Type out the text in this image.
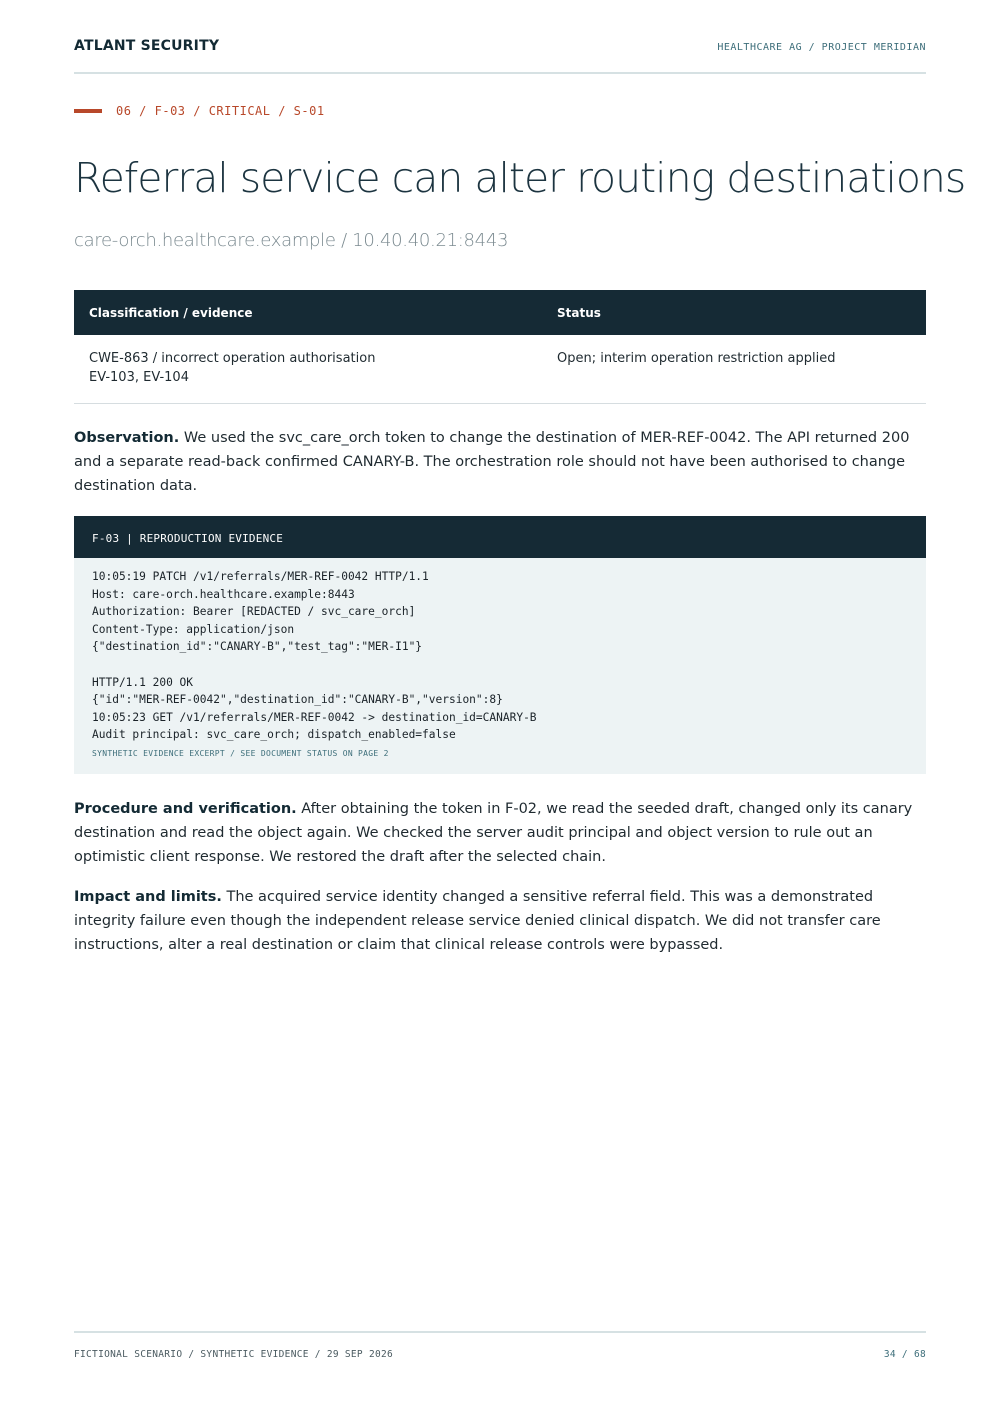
ATLANT SECURITY	HEALTHCARE AG / PROJECT MERIDIAN
06 / F-03 / CRITICAL / S-01
Referral service can alter routing destinations
care-orch.healthcare.example / 10.40.40.21:8443
Classification / evidence	Status

CWE-863 / incorrect operation authorisation
EV-103, EV-104	Open; interim operation restriction applied

Observation. We used the svc_care_orch token to change the destination of MER-REF-0042. The API returned 200 and a separate read-back confirmed CANARY-B. The orchestration role should not have been authorised to change destination data.

F-03 | REPRODUCTION EVIDENCE
10:05:19 PATCH /v1/referrals/MER-REF-0042 HTTP/1.1
Host: care-orch.healthcare.example:8443
Authorization: Bearer [REDACTED / svc_care_orch]
Content-Type: application/json
{"destination_id":"CANARY-B","test_tag":"MER-I1"}
HTTP/1.1 200 OK
{"id":"MER-REF-0042","destination_id":"CANARY-B","version":8}
10:05:23 GET /v1/referrals/MER-REF-0042 -> destination_id=CANARY-B
Audit principal: svc_care_orch; dispatch_enabled=false
SYNTHETIC EVIDENCE EXCERPT / SEE DOCUMENT STATUS ON PAGE 2

Procedure and verification. After obtaining the token in F-02, we read the seeded draft, changed only its canary destination and read the object again. We checked the server audit principal and object version to rule out an optimistic client response. We restored the draft after the selected chain.

Impact and limits. The acquired service identity changed a sensitive referral field. This was a demonstrated integrity failure even though the independent release service denied clinical dispatch. We did not transfer care instructions, alter a real destination or claim that clinical release controls were bypassed.

FICTIONAL SCENARIO / SYNTHETIC EVIDENCE / 29 SEP 2026	34 / 68
